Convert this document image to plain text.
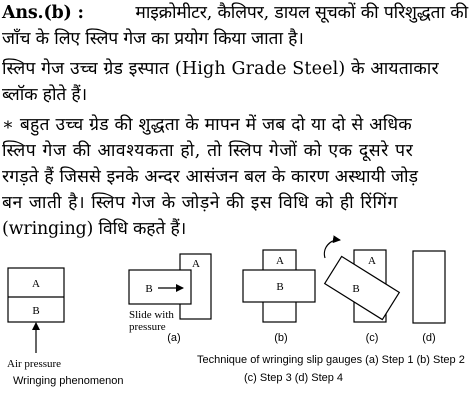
Ans.(b) :	माइक्रोमीटर, कैलिपर, डायल सूचकों की परिशुद्धता की
जाँच के लिए स्लिप गेज का प्रयोग किया जाता है।
स्लिप गेज उच्च ग्रेड इस्पात (High Grade Steel) के आयताकार
ब्लॉक होते हैं।
∗ बहुत उच्च ग्रेड की शुद्धता के मापन में जब दो या दो से अधिक
स्लिप गेज की आवश्यकता हो, तो स्लिप गेजों को एक दूसरे पर
रगड़ते हैं जिससे इनके अन्दर आसंजन बल के कारण अस्थायी जोड़
बन जाती है। स्लिप गेज के जोड़ने की इस विधि को ही रिंगिंग
(wringing) विधि कहते हैं।
A
B
Air pressure
Wringing phenomenon
A
B
Slide with
pressure
(a)
A
B
(b)
A
B
(c)	(d)
Technique of wringing slip gauges (a) Step 1 (b) Step 2
(c) Step 3 (d) Step 4
